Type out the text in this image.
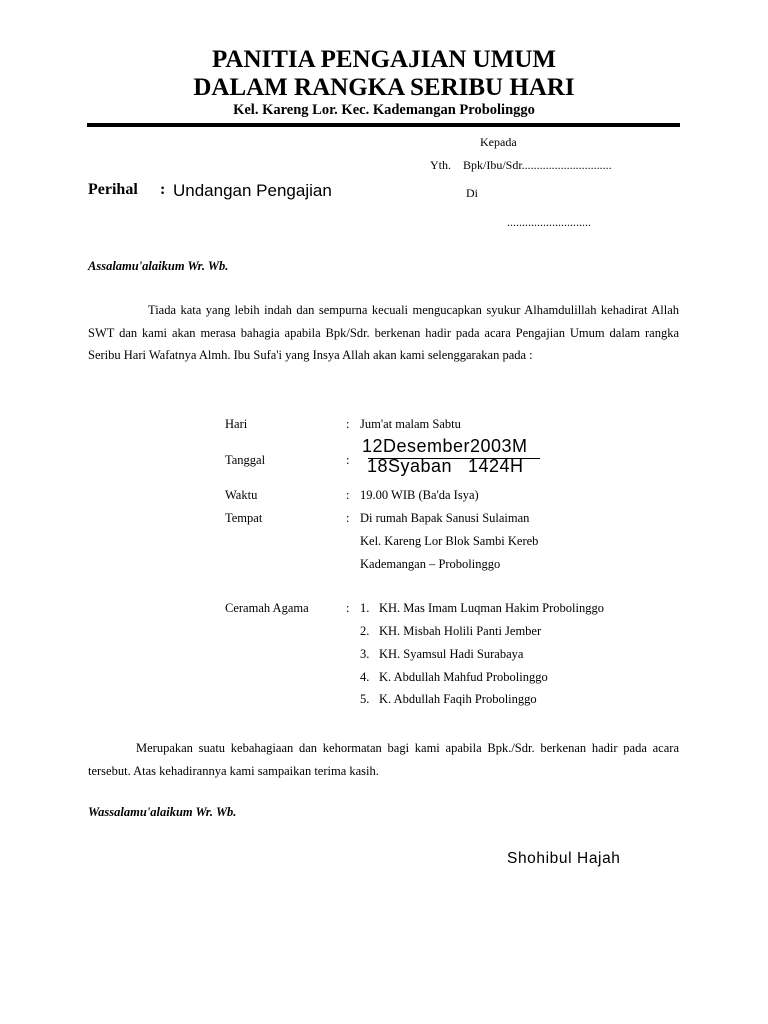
PANITIA PENGAJIAN UMUM
DALAM RANGKA SERIBU HARI
Kel. Kareng Lor. Kec. Kademangan Probolinggo
Kepada
Yth. Bpk/Ibu/Sdr..............................
Di
............................
Perihal : Undangan Pengajian
Assalamu'alaikum Wr. Wb.
Tiada kata yang lebih indah dan sempurna kecuali mengucapkan syukur Alhamdulillah kehadirat Allah SWT dan kami akan merasa bahagia apabila Bpk/Sdr. berkenan hadir pada acara Pengajian Umum dalam rangka Seribu Hari Wafatnya Almh. Ibu Sufa'i yang Insya Allah akan kami selenggarakan pada :
Hari	: Jum'at malam Sabtu
Tanggal	:
12Desember 2003M
18Syaban 1424H
Waktu	: 19.00 WIB (Ba'da Isya)
Tempat	: Di rumah Bapak Sanusi Sulaiman
Kel. Kareng Lor Blok Sambi Kereb
Kademangan – Probolinggo
Ceramah Agama	: 1. KH. Mas Imam Luqman Hakim Probolinggo
2. KH. Misbah Holili Panti Jember
3. KH. Syamsul Hadi Surabaya
4. K. Abdullah Mahfud Probolinggo
5. K. Abdullah Faqih Probolinggo
Merupakan suatu kebahagiaan dan kehormatan bagi kami apabila Bpk./Sdr. berkenan hadir pada acara tersebut. Atas kehadirannya kami sampaikan terima kasih.
Wassalamu'alaikum Wr. Wb.
Shohibul Hajah
